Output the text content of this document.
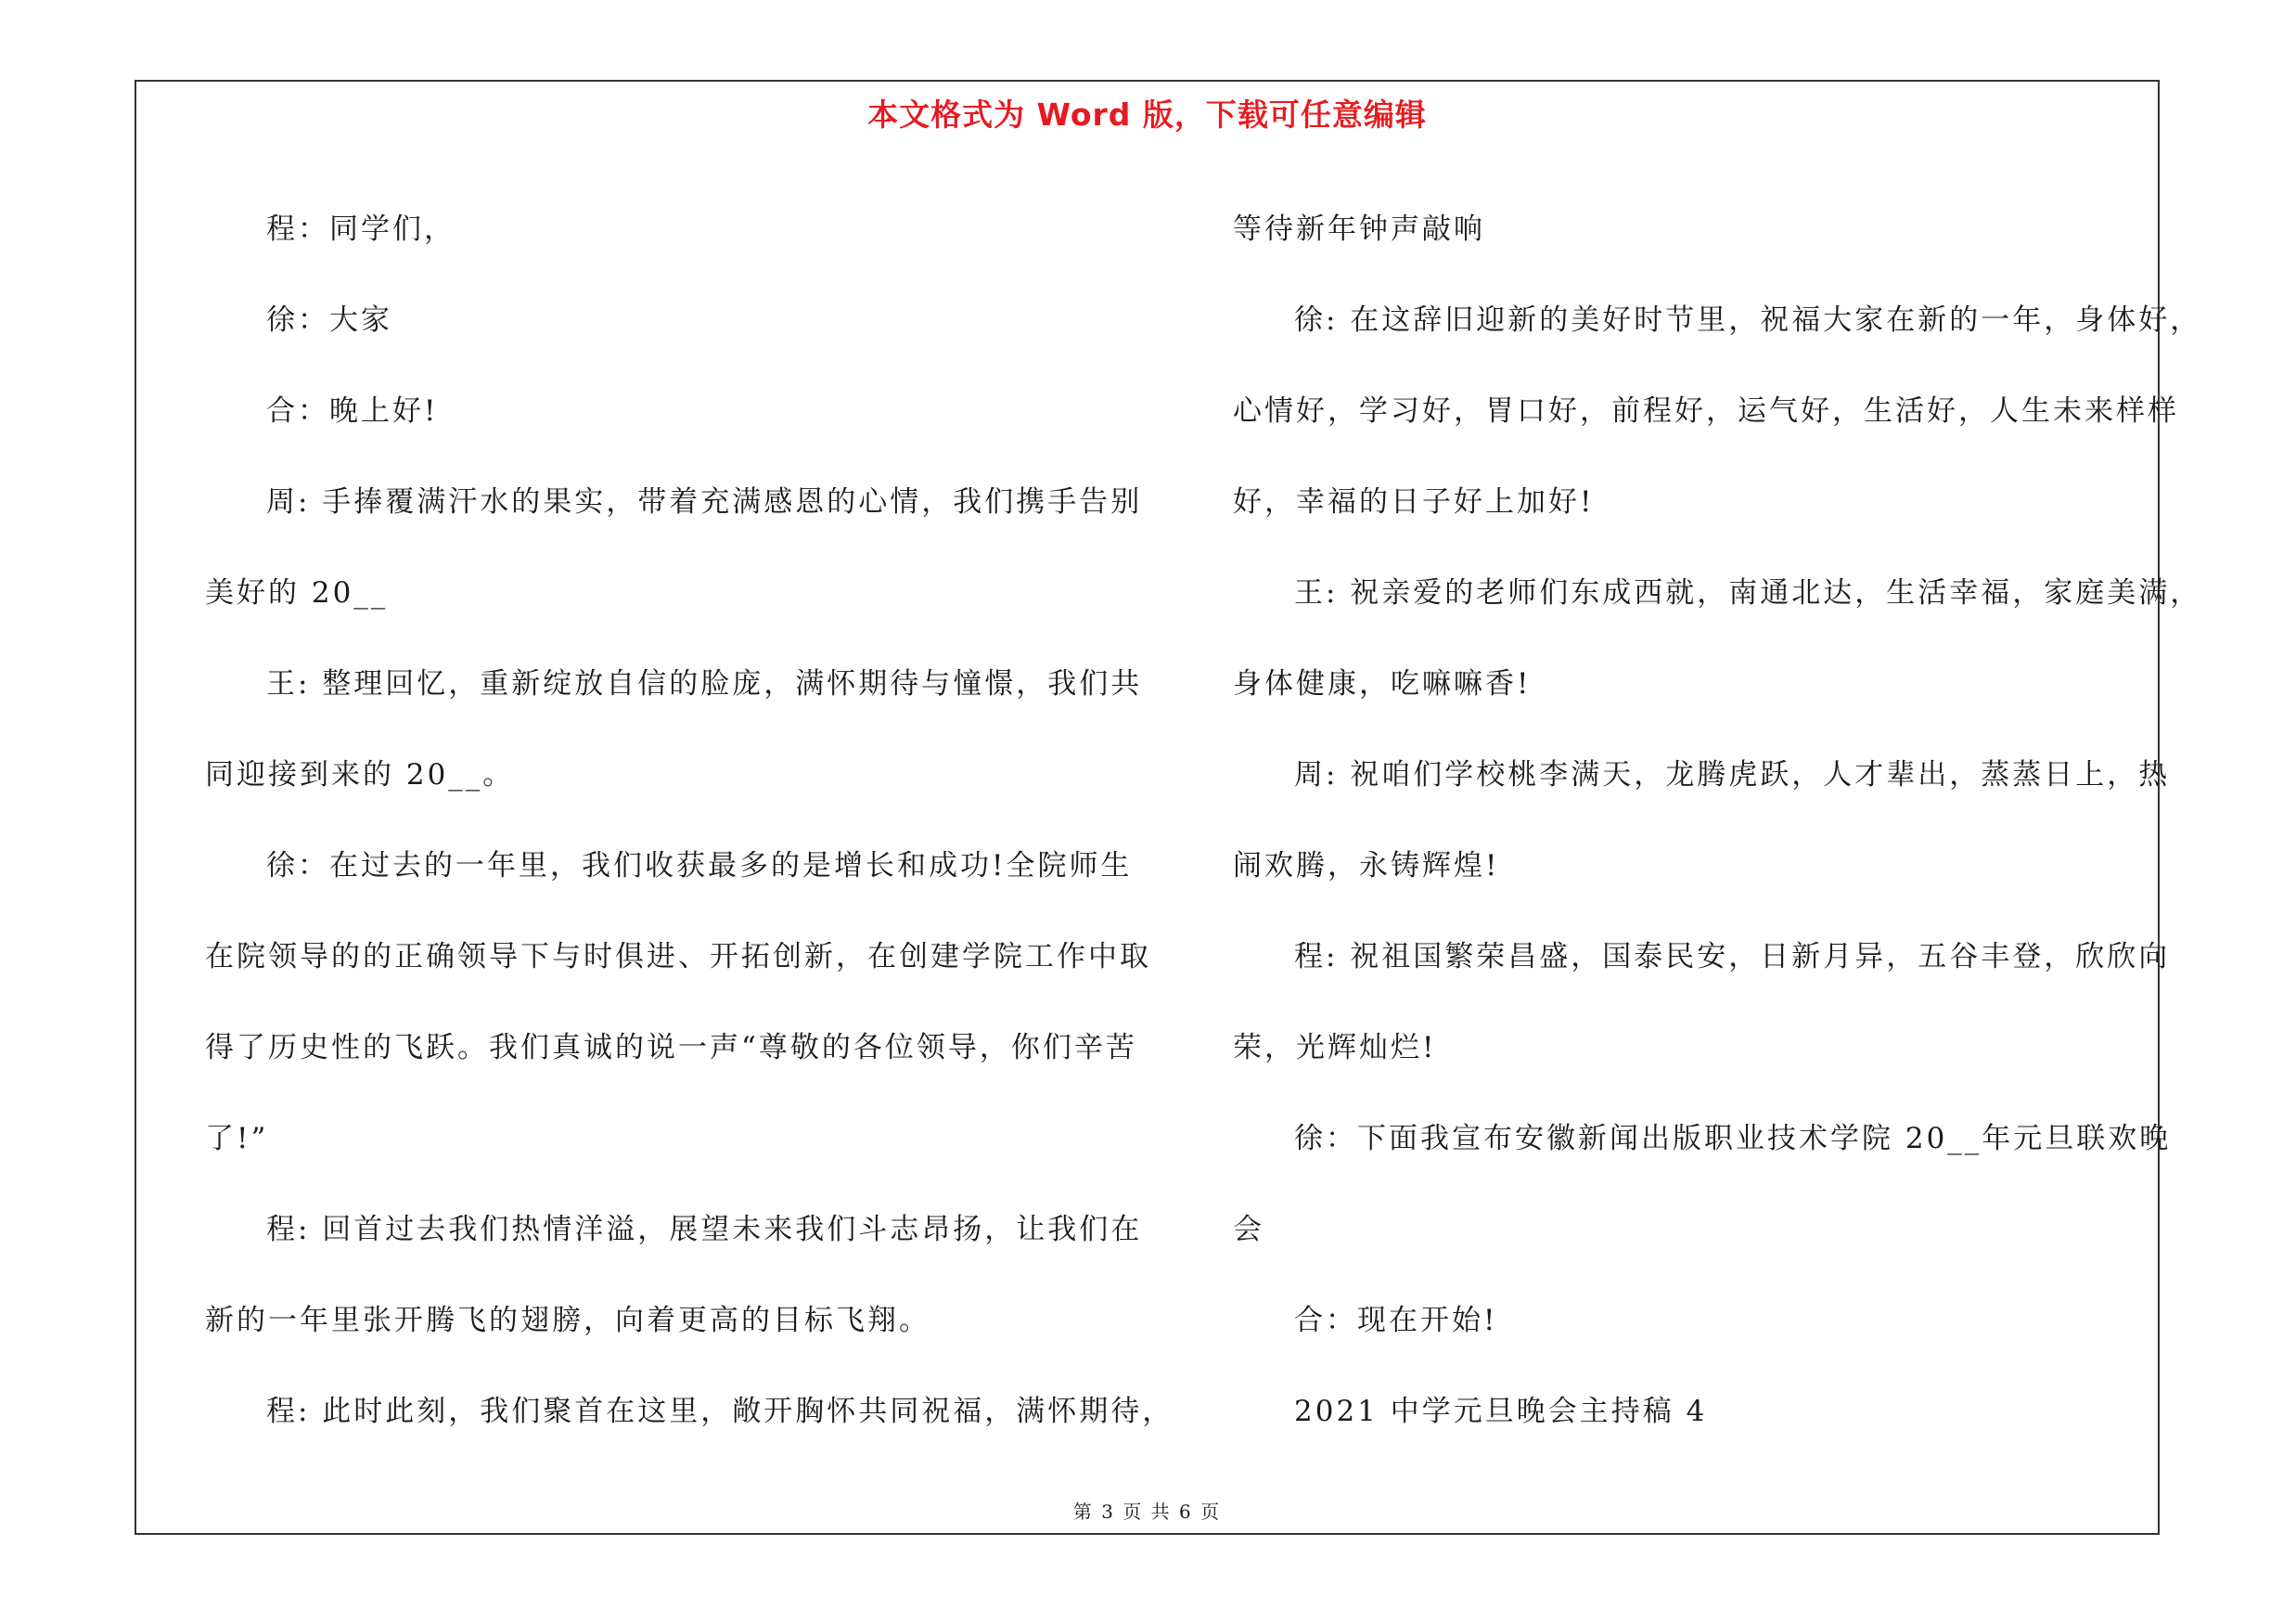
本文格式为 Word 版，下载可任意编辑
程：同学们，
徐：大家
合：晚上好!
周: 手捧覆满汗水的果实，带着充满感恩的心情，我们携手告别
美好的 20__
王: 整理回忆，重新绽放自信的脸庞，满怀期待与憧憬，我们共
同迎接到来的 20__。
徐：在过去的一年里，我们收获最多的是增长和成功!全院师生
在院领导的的正确领导下与时俱进、开拓创新，在创建学院工作中取
得了历史性的飞跃。我们真诚的说一声“尊敬的各位领导，你们辛苦
了!”
程: 回首过去我们热情洋溢，展望未来我们斗志昂扬，让我们在
新的一年里张开腾飞的翅膀，向着更高的目标飞翔。
程: 此时此刻，我们聚首在这里，敞开胸怀共同祝福，满怀期待，
等待新年钟声敲响
徐: 在这辞旧迎新的美好时节里，祝福大家在新的一年，身体好，
心情好，学习好，胃口好，前程好，运气好，生活好，人生未来样样
好，幸福的日子好上加好!
王: 祝亲爱的老师们东成西就，南通北达，生活幸福，家庭美满，
身体健康，吃嘛嘛香!
周: 祝咱们学校桃李满天，龙腾虎跃，人才辈出，蒸蒸日上，热
闹欢腾，永铸辉煌!
程: 祝祖国繁荣昌盛，国泰民安，日新月异，五谷丰登，欣欣向
荣，光辉灿烂!
徐：下面我宣布安徽新闻出版职业技术学院 20__年元旦联欢晚
会
合：现在开始!
2021 中学元旦晚会主持稿 4
第 3 页 共 6 页
